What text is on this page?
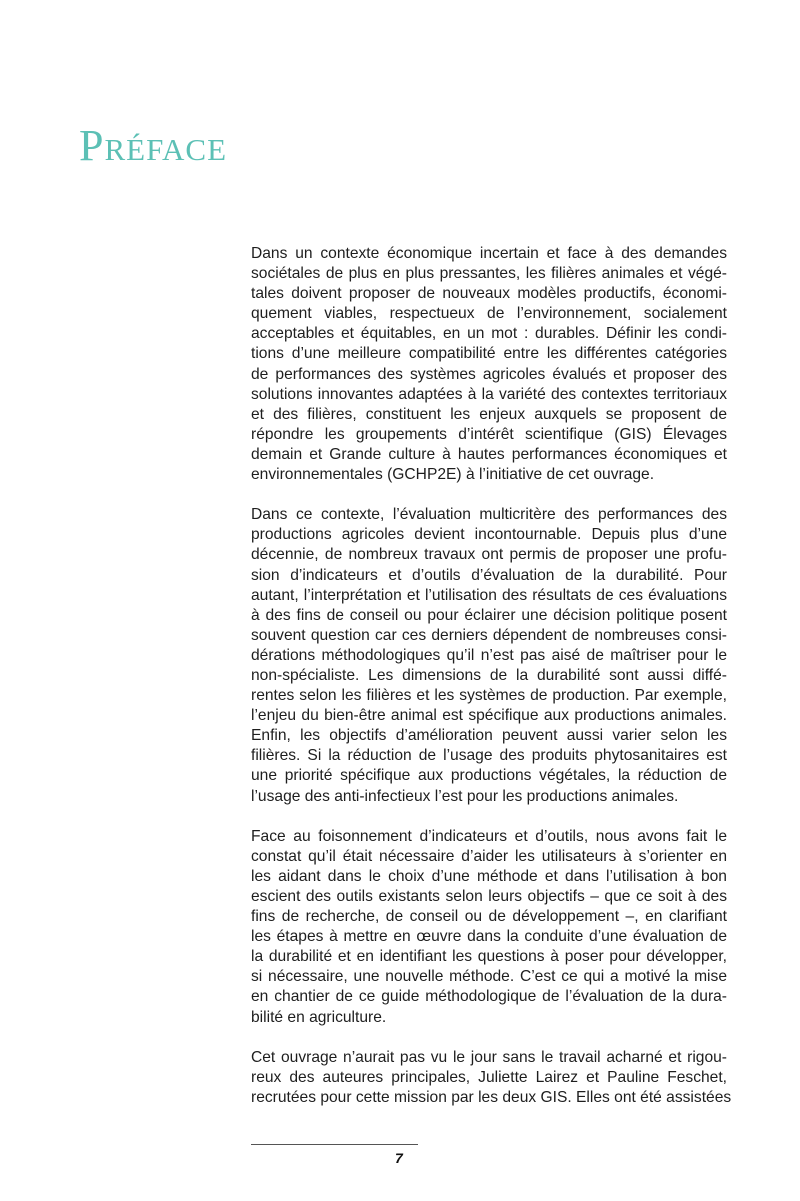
Préface
Dans un contexte économique incertain et face à des demandes
sociétales de plus en plus pressantes, les filières animales et végé-
tales doivent proposer de nouveaux modèles productifs, économi-
quement viables, respectueux de l’environnement, socialement
acceptables et équitables, en un mot : durables. Définir les condi-
tions d’une meilleure compatibilité entre les différentes catégories
de performances des systèmes agricoles évalués et proposer des
solutions innovantes adaptées à la variété des contextes territoriaux
et des filières, constituent les enjeux auxquels se proposent de
répondre les groupements d’intérêt scientifique (GIS) Élevages
demain et Grande culture à hautes performances économiques et
environnementales (GCHP2E) à l’initiative de cet ouvrage.
Dans ce contexte, l’évaluation multicritère des performances des
productions agricoles devient incontournable. Depuis plus d’une
décennie, de nombreux travaux ont permis de proposer une profu-
sion d’indicateurs et d’outils d’évaluation de la durabilité. Pour
autant, l’interprétation et l’utilisation des résultats de ces évaluations
à des fins de conseil ou pour éclairer une décision politique posent
souvent question car ces derniers dépendent de nombreuses consi-
dérations méthodologiques qu’il n’est pas aisé de maîtriser pour le
non-spécialiste. Les dimensions de la durabilité sont aussi diffé-
rentes selon les filières et les systèmes de production. Par exemple,
l’enjeu du bien-être animal est spécifique aux productions animales.
Enfin, les objectifs d’amélioration peuvent aussi varier selon les
filières. Si la réduction de l’usage des produits phytosanitaires est
une priorité spécifique aux productions végétales, la réduction de
l’usage des anti-infectieux l’est pour les productions animales.
Face au foisonnement d’indicateurs et d’outils, nous avons fait le
constat qu’il était nécessaire d’aider les utilisateurs à s’orienter en
les aidant dans le choix d’une méthode et dans l’utilisation à bon
escient des outils existants selon leurs objectifs – que ce soit à des
fins de recherche, de conseil ou de développement –, en clarifiant
les étapes à mettre en œuvre dans la conduite d’une évaluation de
la durabilité et en identifiant les questions à poser pour développer,
si nécessaire, une nouvelle méthode. C’est ce qui a motivé la mise
en chantier de ce guide méthodologique de l’évaluation de la dura-
bilité en agriculture.
Cet ouvrage n’aurait pas vu le jour sans le travail acharné et rigou-
reux des auteures principales, Juliette Lairez et Pauline Feschet,
recrutées pour cette mission par les deux GIS. Elles ont été assistées
7
